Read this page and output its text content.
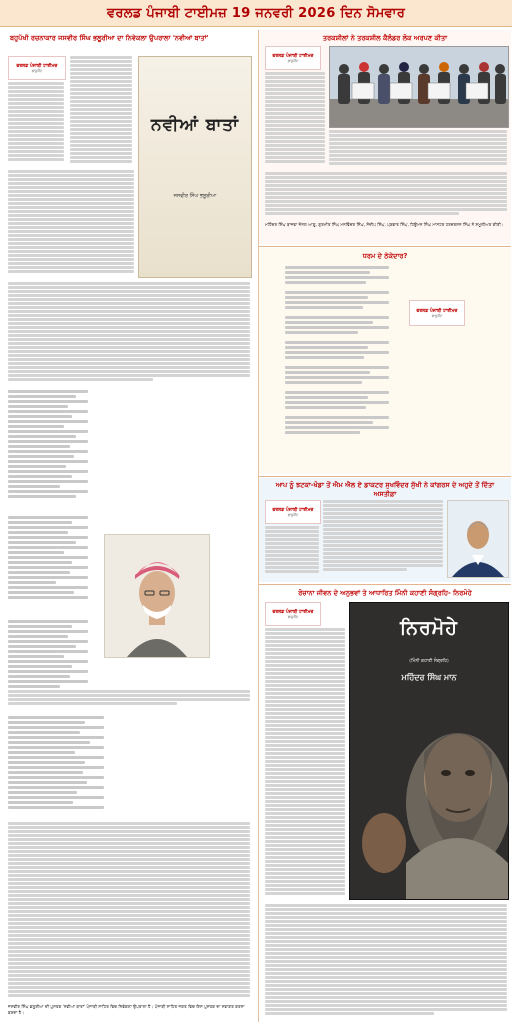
ਵਰਲਡ ਪੰਜਾਬੀ ਟਾਈਮਜ਼ 19 ਜਨਵਰੀ 2026 ਦਿਨ ਸੋਮਵਾਰ

ਬਹੁਪੱਖੀ ਰਚਨਾਕਾਰ ਜਸਵੀਰ ਸਿੰਘ ਭਲੂਰੀਆ ਦਾ ਨਿਵੇਕਲਾ ਉਪਰਾਲਾ 'ਨਵੀਆਂ ਬਾਤਾਂ'

ਵਰਲਡ ਪੰਜਾਬੀ ਟਾਈਮਜ਼
ਡਾਕੂਮੈਂਟ
ਨਵੀਆਂ ਬਾਤਾਂ
ਜਸਵੀਰ ਸਿੰਘ ਭਲੂਰੀਆ

ਜਸਵੀਰ ਸਿੰਘ ਭਲੂਰੀਆ ਦੀ ਪੁਸਤਕ 'ਨਵੀਆਂ ਬਾਤਾਂ' ਪੰਜਾਬੀ ਸਾਹਿਤ ਵਿਚ ਨਿਵੇਕਲਾ ਉਪਰਾਲਾ ਹੈ। ਪੰਜਾਬੀ ਸਾਹਿਤ ਜਗਤ ਵਿਚ ਇਸ ਪੁਸਤਕ ਦਾ ਸਵਾਗਤ ਕਰਨਾ ਬਣਦਾ ਹੈ।

ਤਰਕਸ਼ੀਲਾਂ ਨੇ ਤਰਕਸ਼ੀਲ ਕੈਲੰਡਰ ਲੋਕ ਅਰਪਣ ਕੀਤਾ

ਵਰਲਡ ਪੰਜਾਬੀ ਟਾਈਮਜ਼
ਡਾਕੂਮੈਂਟ

ਮਹਿੰਦਰ ਸਿੰਘ ਬਾਜਵਾ ਜ਼ੋਨਲ ਆਗੂ, ਗੁਰਮੀਤ ਸਿੰਘ ਮਨਵਿੰਦਰ ਸਿੰਘ, ਸੰਦੀਪ ਸਿੰਘ, ਪ੍ਰਭਾਤ ਸਿੰਘ, ਹਿਊਮਨ ਸਿੰਘ ਮਾਸਟਰ ਹਰਦਰਸ਼ਨ ਸਿੰਘ ਨੇ ਸ਼ਮੂਲੀਅਤ ਕੀਤੀ।

ਧਰਮ ਦੇ ਠੇਕੇਦਾਰ?

ਵਰਲਡ ਪੰਜਾਬੀ ਟਾਈਮਜ਼
ਡਾਕੂਮੈਂਟ

ਆਪ ਨੂੰ ਝਟਕਾ-ਖੰਡਾ ਤੋਂ ਐਮ ਐਲ ਏ ਡਾਕਟਰ ਸੁਖਵਿੰਦਰ ਸੁੱਖੀ ਨੇ ਕਾਂਗਰਸ ਦੇ ਅਹੁਦੇ ਤੋਂ ਦਿੱਤਾ ਅਸਤੀਫ਼ਾ

ਵਰਲਡ ਪੰਜਾਬੀ ਟਾਈਮਜ਼
ਡਾਕੂਮੈਂਟ

ਰੋਜ਼ਾਨਾ ਜੀਵਨ ਦੇ ਅਨੁਭਵਾਂ ਤੇ ਆਧਾਰਿਤ ਮਿੰਨੀ ਕਹਾਣੀ ਸੰਗ੍ਰਹਿ- ਨਿਰਮੋਹੇ

ਵਰਲਡ ਪੰਜਾਬੀ ਟਾਈਮਜ਼
ਡਾਕੂਮੈਂਟ	ਨਿਰਮੋਹੇ
(ਮਿੰਨੀ ਕਹਾਣੀ ਸੰਗ੍ਰਹਿ)
ਮਹਿੰਦਰ ਸਿੰਘ ਮਾਨ
